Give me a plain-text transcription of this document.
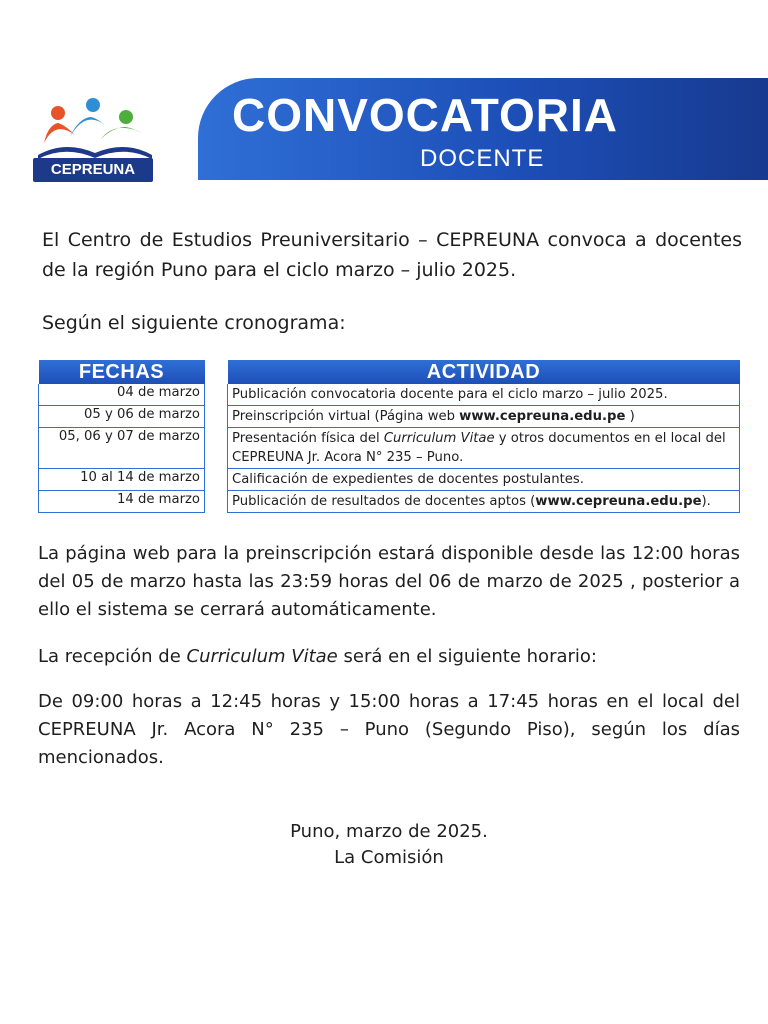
CEPREUNA
CONVOCATORIA
DOCENTE
El Centro de Estudios Preuniversitario – CEPREUNA convoca a docentes de la región Puno para el ciclo marzo – julio 2025.
Según el siguiente cronograma:
FECHAS		ACTIVIDAD
04 de marzo		Publicación convocatoria docente para el ciclo marzo – julio 2025.
05 y 06 de marzo		Preinscripción virtual (Página web www.cepreuna.edu.pe )
05, 06 y 07 de marzo		Presentación física del Curriculum Vitae y otros documentos en el local del CEPREUNA Jr. Acora N° 235 – Puno.
10 al 14 de marzo		Calificación de expedientes de docentes postulantes.
14 de marzo		Publicación de resultados de docentes aptos (www.cepreuna.edu.pe).
La página web para la preinscripción estará disponible desde las 12:00 horas del 05 de marzo hasta las 23:59 horas del 06 de marzo de 2025 , posterior a ello el sistema se cerrará automáticamente.
La recepción de Curriculum Vitae será en el siguiente horario:
De 09:00 horas a 12:45 horas y 15:00 horas a 17:45 horas en el local del CEPREUNA Jr. Acora N° 235 – Puno (Segundo Piso), según los días mencionados.
Puno, marzo de 2025.
La Comisión
